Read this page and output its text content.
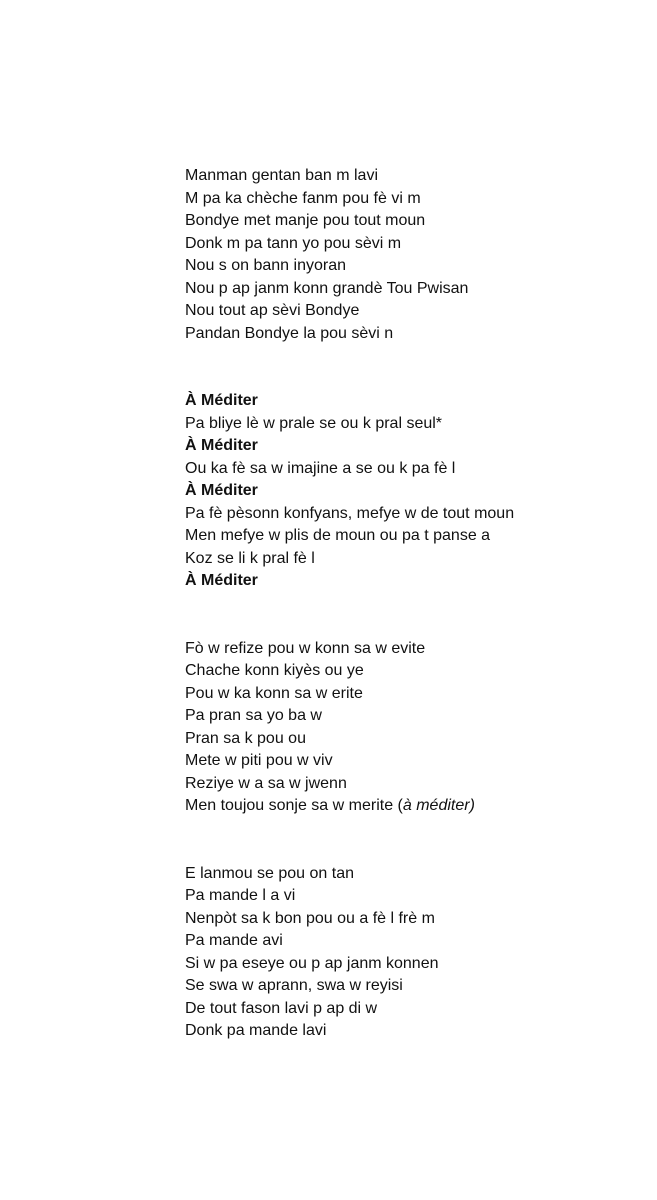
Manman gentan ban m lavi
M pa ka chèche fanm pou fè vi m
Bondye met manje pou tout moun
Donk m pa tann yo pou sèvi m
Nou s on bann inyoran
Nou p ap janm konn grandè Tou Pwisan
Nou tout ap sèvi Bondye
Pandan Bondye la pou sèvi n
À Méditer
Pa bliye lè w prale se ou k pral seul*
À Méditer
Ou ka fè sa w imajine a se ou k pa fè l
À Méditer
Pa fè pèsonn konfyans, mefye w de tout moun
Men mefye w plis de moun ou pa t panse a
Koz se li k pral fè l
À Méditer
Fò w refize pou w konn sa w evite
Chache konn kiyès ou ye
Pou w ka konn sa w erite
Pa pran sa yo ba w
Pran sa k pou ou
Mete w piti pou w viv
Reziye w a sa w jwenn
Men toujou sonje sa w merite (à méditer)
E lanmou se pou on tan
Pa mande l a vi
Nenpòt sa k bon pou ou a fè l frè m
Pa mande avi
Si w pa eseye ou p ap janm konnen
Se swa w aprann, swa w reyisi
De tout fason lavi p ap di w
Donk pa mande lavi
